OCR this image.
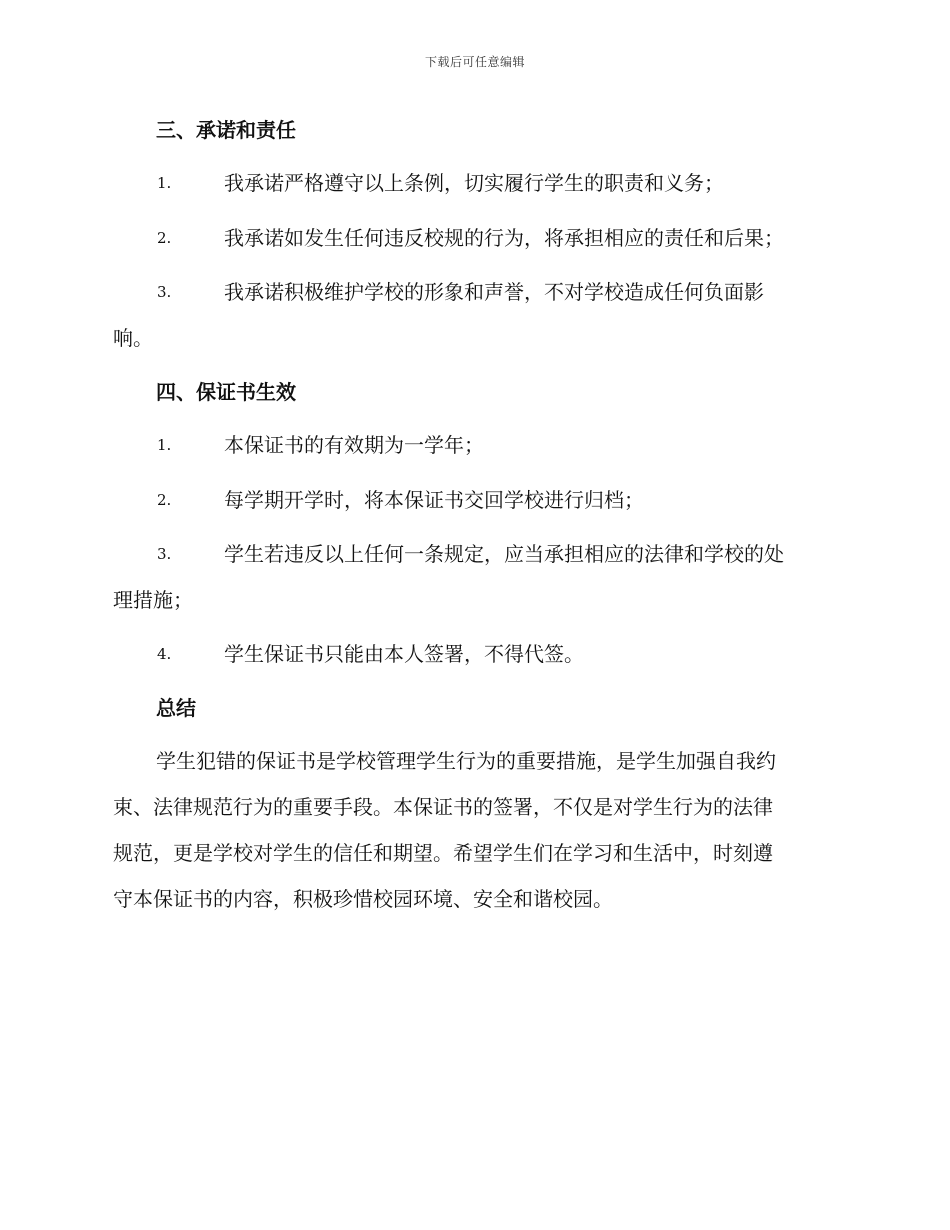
下载后可任意编辑
三、承诺和责任
1.	我承诺严格遵守以上条例，切实履行学生的职责和义务；
2.	我承诺如发生任何违反校规的行为，将承担相应的责任和后果；
3.	我承诺积极维护学校的形象和声誉，不对学校造成任何负面影
响。
四、保证书生效
1.	本保证书的有效期为一学年；
2.	每学期开学时，将本保证书交回学校进行归档；
3.	学生若违反以上任何一条规定，应当承担相应的法律和学校的处
理措施；
4.	学生保证书只能由本人签署，不得代签。
总结
学生犯错的保证书是学校管理学生行为的重要措施，是学生加强自我约
束、法律规范行为的重要手段。本保证书的签署，不仅是对学生行为的法律
规范，更是学校对学生的信任和期望。希望学生们在学习和生活中，时刻遵
守本保证书的内容，积极珍惜校园环境、安全和谐校园。
